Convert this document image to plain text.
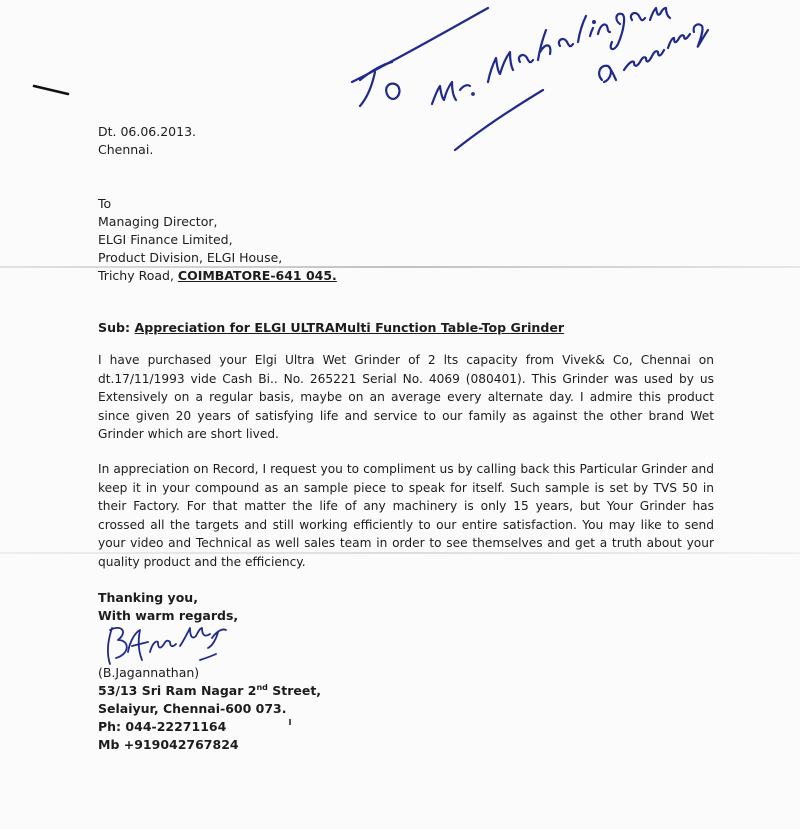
Dt. 06.06.2013.
Chennai.
To
Managing Director,
ELGI Finance Limited,
Product Division, ELGI House,
Trichy Road, COIMBATORE-641 045.
Sub: Appreciation for ELGI ULTRAMulti Function Table-Top Grinder
I have purchased your Elgi Ultra Wet Grinder of 2 lts capacity from Vivek& Co, Chennai on dt.17/11/1993 vide Cash Bi.. No. 265221 Serial No. 4069 (080401). This Grinder was used by us Extensively on a regular basis, maybe on an average every alternate day. I admire this product since given 20 years of satisfying life and service to our family as against the other brand Wet Grinder which are short lived.
In appreciation on Record, I request you to compliment us by calling back this Particular Grinder and keep it in your compound as an sample piece to speak for itself. Such sample is set by TVS 50 in their Factory. For that matter the life of any machinery is only 15 years, but Your Grinder has crossed all the targets and still working efficiently to our entire satisfaction. You may like to send your video and Technical as well sales team in order to see themselves and get a truth about your quality product and the efficiency.
Thanking you,
With warm regards,
(B.Jagannathan)
53/13 Sri Ram Nagar 2nd Street,
Selaiyur, Chennai-600 073.
Ph: 044-22271164
Mb +919042767824
